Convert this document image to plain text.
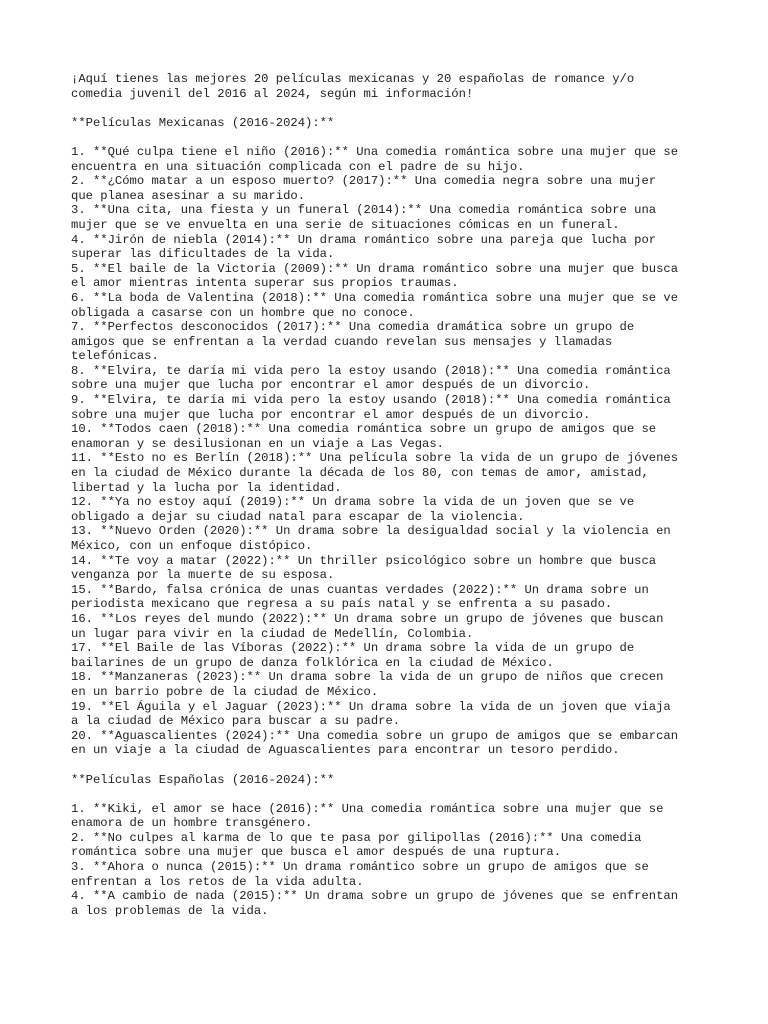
¡Aquí tienes las mejores 20 películas mexicanas y 20 españolas de romance y/o
comedia juvenil del 2016 al 2024, según mi información!
**Películas Mexicanas (2016-2024):**
1. **Qué culpa tiene el niño (2016):** Una comedia romántica sobre una mujer que se
encuentra en una situación complicada con el padre de su hijo.
2. **¿Cómo matar a un esposo muerto? (2017):** Una comedia negra sobre una mujer
que planea asesinar a su marido.
3. **Una cita, una fiesta y un funeral (2014):** Una comedia romántica sobre una
mujer que se ve envuelta en una serie de situaciones cómicas en un funeral.
4. **Jirón de niebla (2014):** Un drama romántico sobre una pareja que lucha por
superar las dificultades de la vida.
5. **El baile de la Victoria (2009):** Un drama romántico sobre una mujer que busca
el amor mientras intenta superar sus propios traumas.
6. **La boda de Valentina (2018):** Una comedia romántica sobre una mujer que se ve
obligada a casarse con un hombre que no conoce.
7. **Perfectos desconocidos (2017):** Una comedia dramática sobre un grupo de
amigos que se enfrentan a la verdad cuando revelan sus mensajes y llamadas
telefónicas.
8. **Elvira, te daría mi vida pero la estoy usando (2018):** Una comedia romántica
sobre una mujer que lucha por encontrar el amor después de un divorcio.
9. **Elvira, te daría mi vida pero la estoy usando (2018):** Una comedia romántica
sobre una mujer que lucha por encontrar el amor después de un divorcio.
10. **Todos caen (2018):** Una comedia romántica sobre un grupo de amigos que se
enamoran y se desilusionan en un viaje a Las Vegas.
11. **Esto no es Berlín (2018):** Una película sobre la vida de un grupo de jóvenes
en la ciudad de México durante la década de los 80, con temas de amor, amistad,
libertad y la lucha por la identidad.
12. **Ya no estoy aquí (2019):** Un drama sobre la vida de un joven que se ve
obligado a dejar su ciudad natal para escapar de la violencia.
13. **Nuevo Orden (2020):** Un drama sobre la desigualdad social y la violencia en
México, con un enfoque distópico.
14. **Te voy a matar (2022):** Un thriller psicológico sobre un hombre que busca
venganza por la muerte de su esposa.
15. **Bardo, falsa crónica de unas cuantas verdades (2022):** Un drama sobre un
periodista mexicano que regresa a su país natal y se enfrenta a su pasado.
16. **Los reyes del mundo (2022):** Un drama sobre un grupo de jóvenes que buscan
un lugar para vivir en la ciudad de Medellín, Colombia.
17. **El Baile de las Víboras (2022):** Un drama sobre la vida de un grupo de
bailarines de un grupo de danza folklórica en la ciudad de México.
18. **Manzaneras (2023):** Un drama sobre la vida de un grupo de niños que crecen
en un barrio pobre de la ciudad de México.
19. **El Águila y el Jaguar (2023):** Un drama sobre la vida de un joven que viaja
a la ciudad de México para buscar a su padre.
20. **Aguascalientes (2024):** Una comedia sobre un grupo de amigos que se embarcan
en un viaje a la ciudad de Aguascalientes para encontrar un tesoro perdido.
**Películas Españolas (2016-2024):**
1. **Kiki, el amor se hace (2016):** Una comedia romántica sobre una mujer que se
enamora de un hombre transgénero.
2. **No culpes al karma de lo que te pasa por gilipollas (2016):** Una comedia
romántica sobre una mujer que busca el amor después de una ruptura.
3. **Ahora o nunca (2015):** Un drama romántico sobre un grupo de amigos que se
enfrentan a los retos de la vida adulta.
4. **A cambio de nada (2015):** Un drama sobre un grupo de jóvenes que se enfrentan
a los problemas de la vida.
